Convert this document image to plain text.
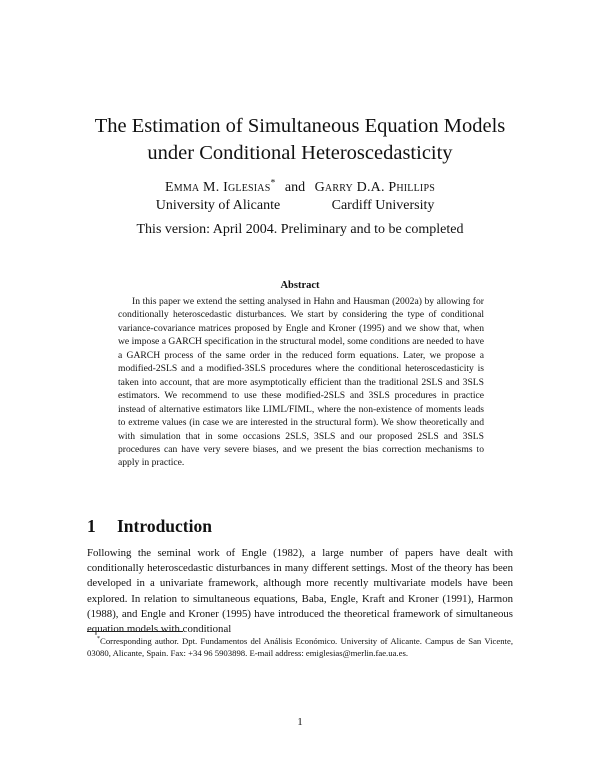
The Estimation of Simultaneous Equation Models
under Conditional Heteroscedasticity
Emma M. Iglesias* and Garry D.A. Phillips
University of Alicante	Cardiff University
This version: April 2004. Preliminary and to be completed
Abstract

In this paper we extend the setting analysed in Hahn and Hausman (2002a) by allowing for conditionally heteroscedastic disturbances. We start by considering the type of conditional variance-covariance matrices proposed by Engle and Kroner (1995) and we show that, when we impose a GARCH specification in the structural model, some conditions are needed to have a GARCH process of the same order in the reduced form equations. Later, we propose a modified-2SLS and a modified-3SLS procedures where the conditional heteroscedasticity is taken into account, that are more asymptotically efficient than the traditional 2SLS and 3SLS estimators. We recommend to use these modified-2SLS and 3SLS procedures in practice instead of alternative estimators like LIML/FIML, where the non-existence of moments leads to extreme values (in case we are interested in the structural form). We show theoretically and with simulation that in some occasions 2SLS, 3SLS and our proposed 2SLS and 3SLS procedures can have very severe biases, and we present the bias correction mechanisms to apply in practice.

1 Introduction

Following the seminal work of Engle (1982), a large number of papers have dealt with conditionally heteroscedastic disturbances in many different settings. Most of the theory has been developed in a univariate framework, although more recently multivariate models have been explored. In relation to simultaneous equations, Baba, Engle, Kraft and Kroner (1991), Harmon (1988), and Engle and Kroner (1995) have introduced the theoretical framework of simultaneous equation models with conditional

*Corresponding author. Dpt. Fundamentos del Análisis Económico. University of Alicante. Campus de San Vicente, 03080, Alicante, Spain. Fax: +34 96 5903898. E-mail address: emiglesias@merlin.fae.ua.es.

1
